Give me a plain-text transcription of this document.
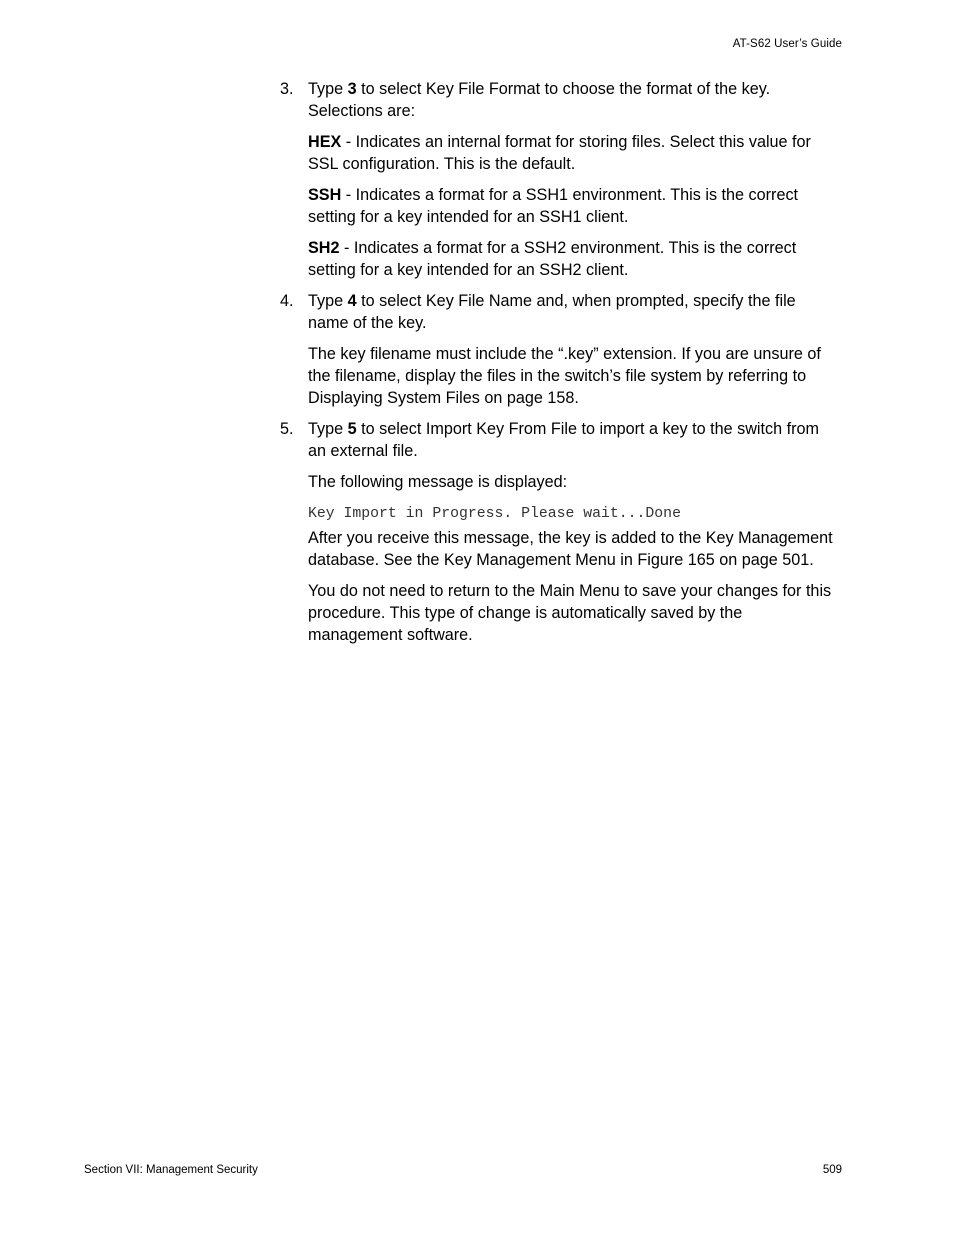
AT-S62 User’s Guide
3. Type 3 to select Key File Format to choose the format of the key. Selections are:
HEX - Indicates an internal format for storing files. Select this value for SSL configuration. This is the default.
SSH - Indicates a format for a SSH1 environment. This is the correct setting for a key intended for an SSH1 client.
SH2 - Indicates a format for a SSH2 environment. This is the correct setting for a key intended for an SSH2 client.
4. Type 4 to select Key File Name and, when prompted, specify the file name of the key.
The key filename must include the “.key” extension. If you are unsure of the filename, display the files in the switch’s file system by referring to Displaying System Files on page 158.
5. Type 5 to select Import Key From File to import a key to the switch from an external file.
The following message is displayed:
Key Import in Progress. Please wait...Done
After you receive this message, the key is added to the Key Management database. See the Key Management Menu in Figure 165 on page 501.
You do not need to return to the Main Menu to save your changes for this procedure. This type of change is automatically saved by the management software.
Section VII: Management Security	509
